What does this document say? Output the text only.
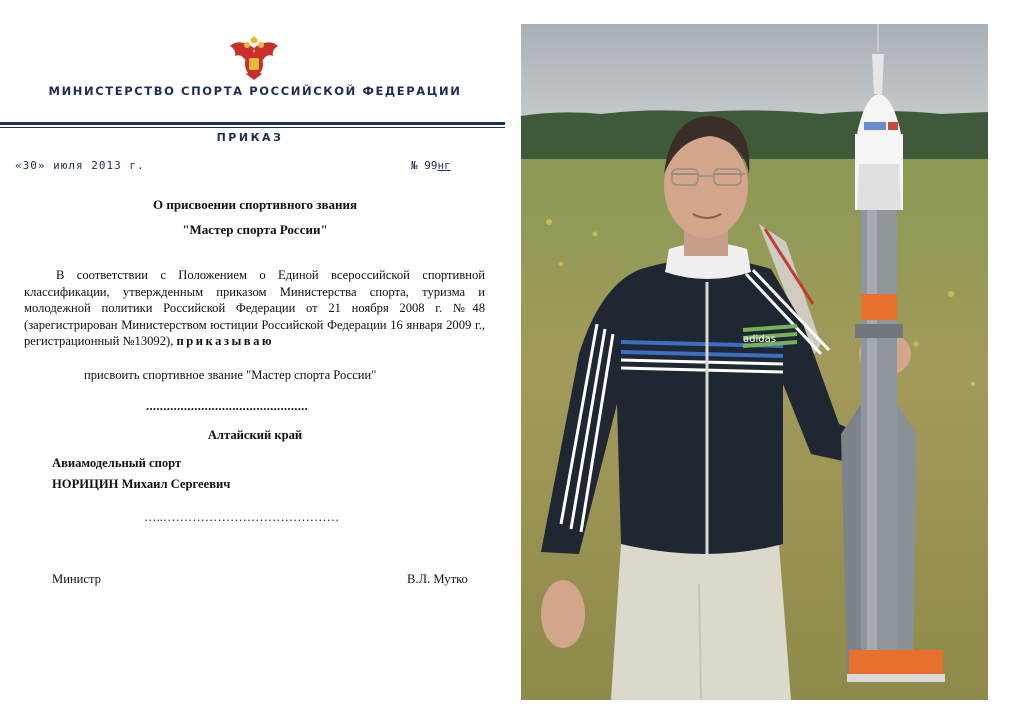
МИНИСТЕРСТВО СПОРТА РОССИЙСКОЙ ФЕДЕРАЦИИ
ПРИКАЗ
«30» июля 2013 г.	№ 99нг
О присвоении спортивного звания
"Мастер спорта России"
В соответствии с Положением о Единой всероссийской спортивной классификации, утвержденным приказом Министерства спорта, туризма и молодежной политики Российской Федерации от 21 ноября 2008 г. №48 (зарегистрирован Министерством юстиции Российской Федерации 16 января 2009 г., регистрационный №13092), приказываю
присвоить спортивное звание "Мастер спорта России"
...............................................
Алтайский край
Авиамодельный спорт
НОРИЦИН Михаил Сергеевич
…..……………………………………
Министр	В.Л. Мутко
adidas
